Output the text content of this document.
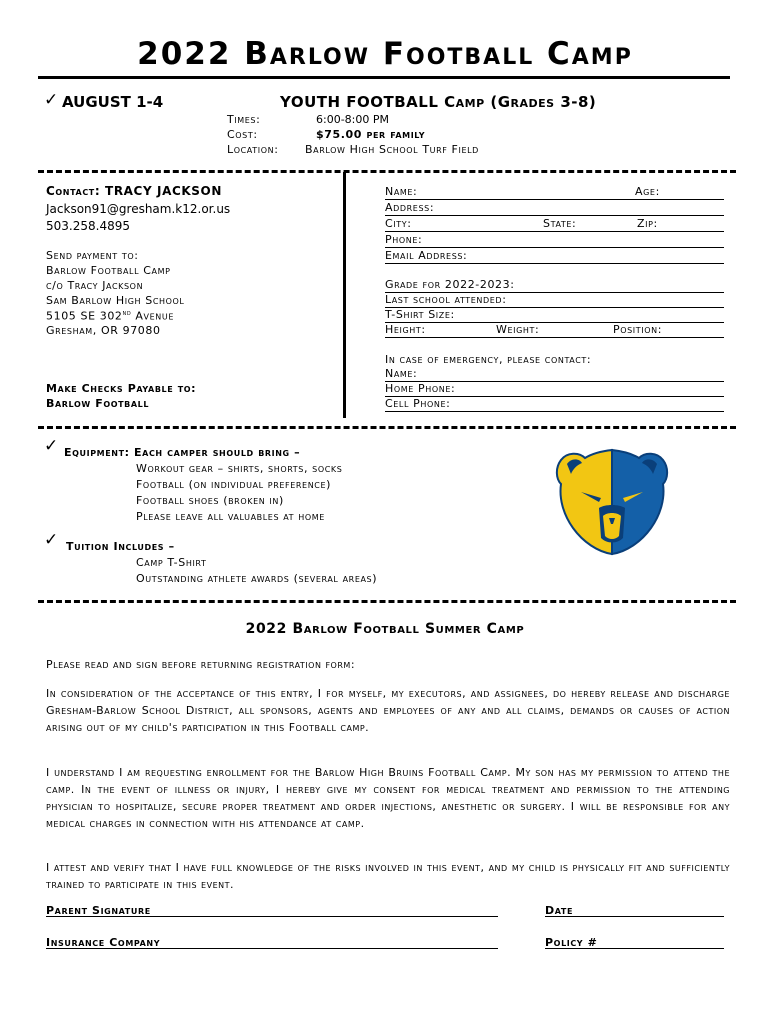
2022 Barlow Football Camp
✓ AUGUST 1-4	YOUTH FOOTBALL Camp (Grades 3-8)
Times:	6:00-8:00 PM
Cost:	$75.00 per family
Location: Barlow High School Turf Field
Contact: TRACY JACKSON
Jackson91@gresham.k12.or.us
503.258.4895
Send payment to:
Barlow Football Camp
c/o Tracy Jackson
Sam Barlow High School
5105 SE 302nd Avenue
Gresham, OR 97080
Make Checks Payable to:
Barlow Football
Name:	Age:
Address:
City:	State:	Zip:
Phone:
Email Address:
Grade for 2022-2023:
Last school attended:
T-Shirt Size:
Height:	Weight:	Position:
In case of emergency, please contact:
Name:
Home Phone:
Cell Phone:
✓ Equipment: Each camper should bring –
Workout gear – shirts, shorts, socks
Football (on individual preference)
Football shoes (broken in)
Please leave all valuables at home
✓ Tuition Includes –
Camp T-Shirt
Outstanding athlete awards (several areas)
2022 Barlow Football Summer Camp
Please read and sign before returning registration form:
In consideration of the acceptance of this entry, I for myself, my executors, and assignees, do hereby release and discharge Gresham-Barlow School District, all sponsors, agents and employees of any and all claims, demands or causes of action arising out of my child's participation in this Football camp.
I understand I am requesting enrollment for the Barlow High Bruins Football Camp. My son has my permission to attend the camp. In the event of illness or injury, I hereby give my consent for medical treatment and permission to the attending physician to hospitalize, secure proper treatment and order injections, anesthetic or surgery. I will be responsible for any medical charges in connection with his attendance at camp.
I attest and verify that I have full knowledge of the risks involved in this event, and my child is physically fit and sufficiently trained to participate in this event.
Parent Signature	Date
Insurance Company	Policy #
